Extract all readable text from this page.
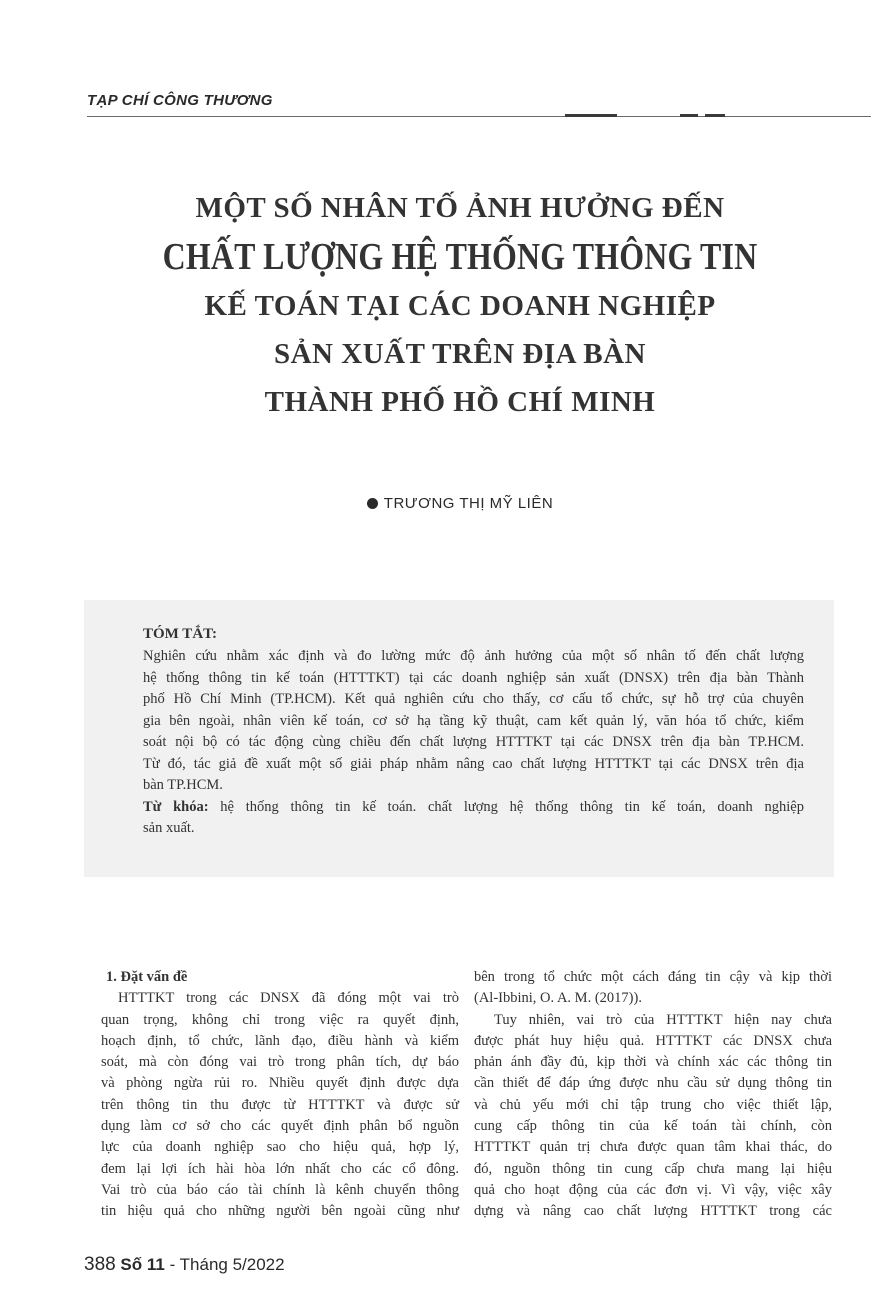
TẠP CHÍ CÔNG THƯƠNG
MỘT SỐ NHÂN TỐ ẢNH HƯỞNG ĐẾN
CHẤT LƯỢNG HỆ THỐNG THÔNG TIN
KẾ TOÁN TẠI CÁC DOANH NGHIỆP
SẢN XUẤT TRÊN ĐỊA BÀN
THÀNH PHỐ HỒ CHÍ MINH
TRƯƠNG THỊ MỸ LIÊN
TÓM TẮT:
Nghiên cứu nhằm xác định và đo lường mức độ ảnh hưởng của một số nhân tố đến chất lượng
hệ thống thông tin kế toán (HTTTKT) tại các doanh nghiệp sản xuất (DNSX) trên địa bàn Thành
phố Hồ Chí Minh (TP.HCM). Kết quả nghiên cứu cho thấy, cơ cấu tổ chức, sự hỗ trợ của chuyên
gia bên ngoài, nhân viên kế toán, cơ sở hạ tầng kỹ thuật, cam kết quản lý, văn hóa tổ chức, kiểm
soát nội bộ có tác động cùng chiều đến chất lượng HTTTKT tại các DNSX trên địa bàn TP.HCM.
Từ đó, tác giả đề xuất một số giải pháp nhằm nâng cao chất lượng HTTTKT tại các DNSX trên địa
bàn TP.HCM.
Từ khóa: hệ thống thông tin kế toán. chất lượng hệ thống thông tin kế toán, doanh nghiệp
sản xuất.
1. Đặt vấn đề
HTTTKT trong các DNSX đã đóng một vai trò
quan trọng, không chỉ trong việc ra quyết định,
hoạch định, tổ chức, lãnh đạo, điều hành và kiểm
soát, mà còn đóng vai trò trong phân tích, dự báo
và phòng ngừa rủi ro. Nhiều quyết định được dựa
trên thông tin thu được từ HTTTKT và được sử
dụng làm cơ sở cho các quyết định phân bổ nguồn
lực của doanh nghiệp sao cho hiệu quả, hợp lý,
đem lại lợi ích hài hòa lớn nhất cho các cổ đông.
Vai trò của báo cáo tài chính là kênh chuyển thông
tin hiệu quả cho những người bên ngoài cũng như
bên trong tổ chức một cách đáng tin cậy và kịp thời
(Al-Ibbini, O. A. M. (2017)).
Tuy nhiên, vai trò của HTTTKT hiện nay chưa
được phát huy hiệu quả. HTTTKT các DNSX chưa
phản ánh đầy đủ, kịp thời và chính xác các thông tin
cần thiết để đáp ứng được nhu cầu sử dụng thông tin
và chủ yếu mới chỉ tập trung cho việc thiết lập,
cung cấp thông tin của kế toán tài chính, còn
HTTTKT quản trị chưa được quan tâm khai thác, do
đó, nguồn thông tin cung cấp chưa mang lại hiệu
quả cho hoạt động của các đơn vị. Vì vậy, việc xây
dựng và nâng cao chất lượng HTTTKT trong các
388 Số 11 - Tháng 5/2022
